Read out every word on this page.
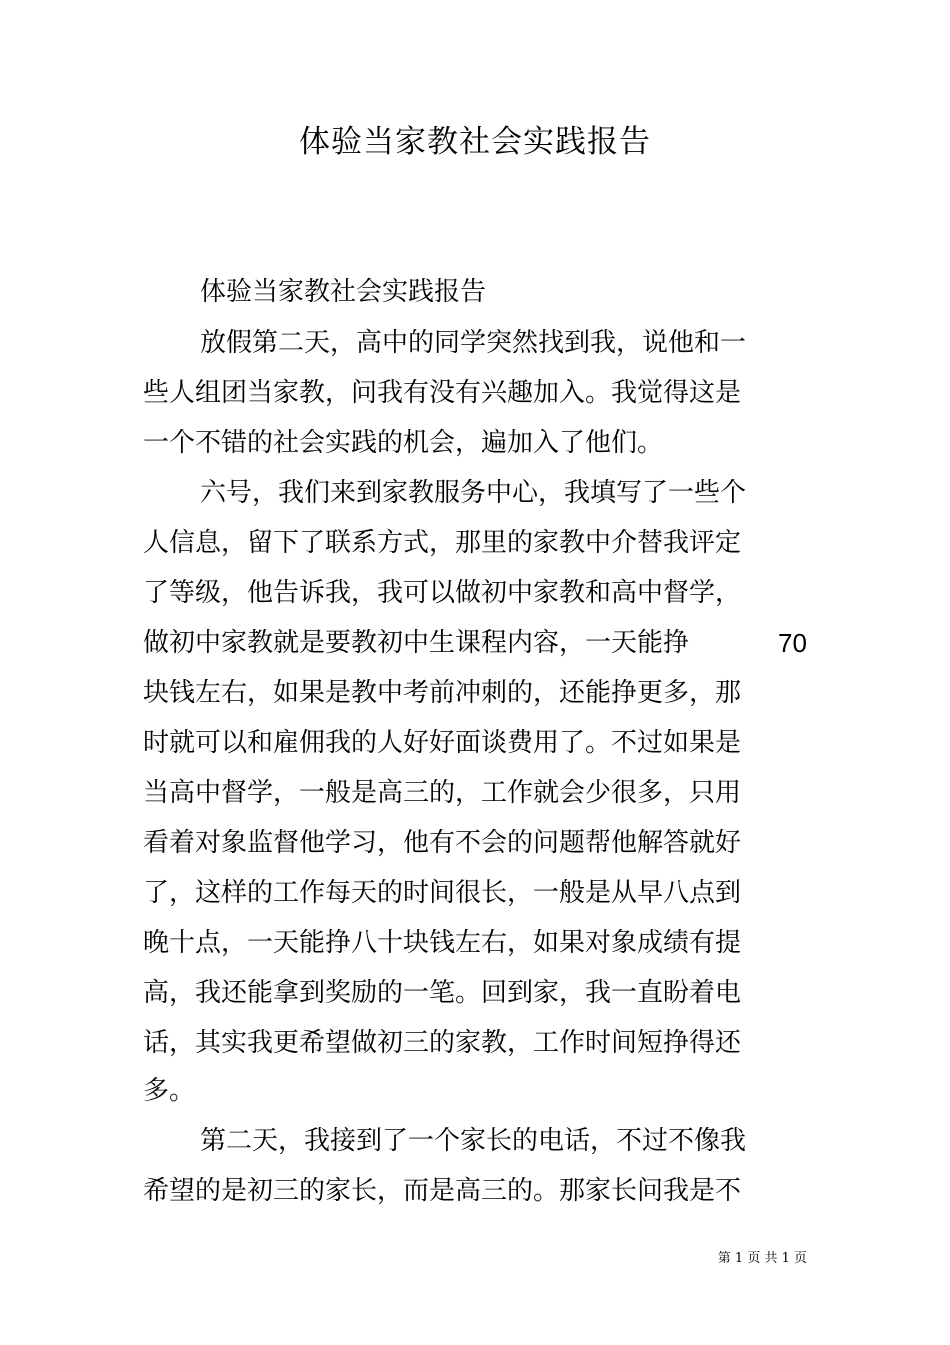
体验当家教社会实践报告
体验当家教社会实践报告
放假第二天，高中的同学突然找到我，说他和一
些人组团当家教，问我有没有兴趣加入。我觉得这是
一个不错的社会实践的机会，遍加入了他们。
六号，我们来到家教服务中心，我填写了一些个
人信息，留下了联系方式，那里的家教中介替我评定
了等级，他告诉我，我可以做初中家教和高中督学，
做初中家教就是要教初中生课程内容，一天能挣	70
块钱左右，如果是教中考前冲刺的，还能挣更多，那
时就可以和雇佣我的人好好面谈费用了。不过如果是
当高中督学，一般是高三的，工作就会少很多，只用
看着对象监督他学习，他有不会的问题帮他解答就好
了，这样的工作每天的时间很长，一般是从早八点到
晚十点，一天能挣八十块钱左右，如果对象成绩有提
高，我还能拿到奖励的一笔。回到家，我一直盼着电
话，其实我更希望做初三的家教，工作时间短挣得还
多。
第二天，我接到了一个家长的电话，不过不像我
希望的是初三的家长，而是高三的。那家长问我是不
第 1 页 共 1 页
